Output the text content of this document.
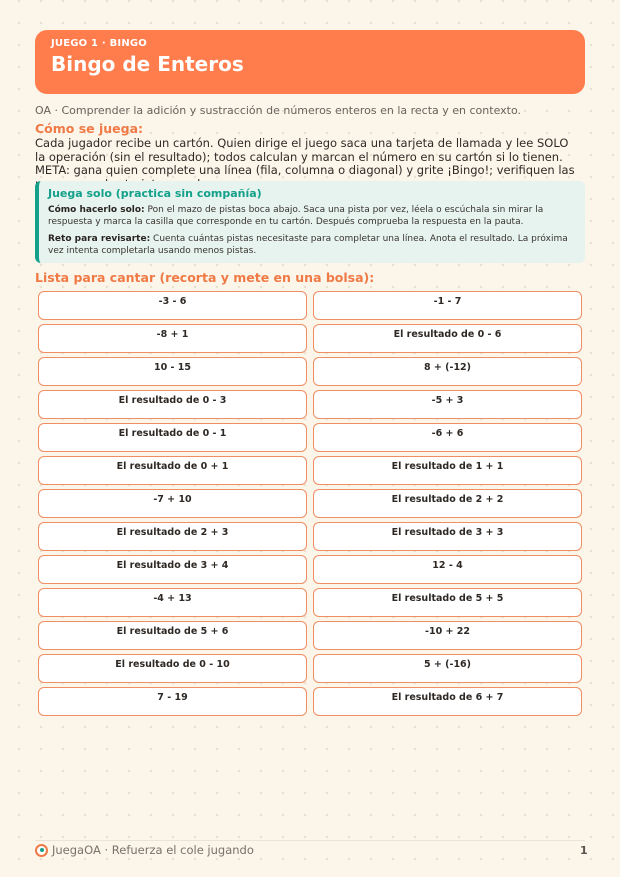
JUEGO 1 · BINGO
Bingo de Enteros
OA · Comprender la adición y sustracción de números enteros en la recta y en contexto.
Cómo se juega:
Cada jugador recibe un cartón. Quien dirige el juego saca una tarjeta de llamada y lee SOLO la operación (sin el resultado); todos calculan y marcan el número en su cartón si lo tienen. META: gana quien complete una línea (fila, columna o diagonal) y grite ¡Bingo!; verifiquen las
Juega solo (practica sin compañía)

Cómo hacerlo solo: Pon el mazo de pistas boca abajo. Saca una pista por vez, léela o escúchala sin mirar la respuesta y marca la casilla que corresponde en tu cartón. Después comprueba la respuesta en la pauta.

Reto para revisarte: Cuenta cuántas pistas necesitaste para completar una línea. Anota el resultado. La próxima vez intenta completarla usando menos pistas.

Lista para cantar (recorta y mete en una bolsa):
-3 - 6	-1 - 7
-8 + 1	El resultado de 0 - 6
10 - 15	8 + (-12)
El resultado de 0 - 3	-5 + 3
El resultado de 0 - 1	-6 + 6
El resultado de 0 + 1	El resultado de 1 + 1
-7 + 10	El resultado de 2 + 2
El resultado de 2 + 3	El resultado de 3 + 3
El resultado de 3 + 4	12 - 4
-4 + 13	El resultado de 5 + 5
El resultado de 5 + 6	-10 + 22
El resultado de 0 - 10	5 + (-16)
7 - 19	El resultado de 6 + 7
JuegaOA · Refuerza el cole jugando	1
